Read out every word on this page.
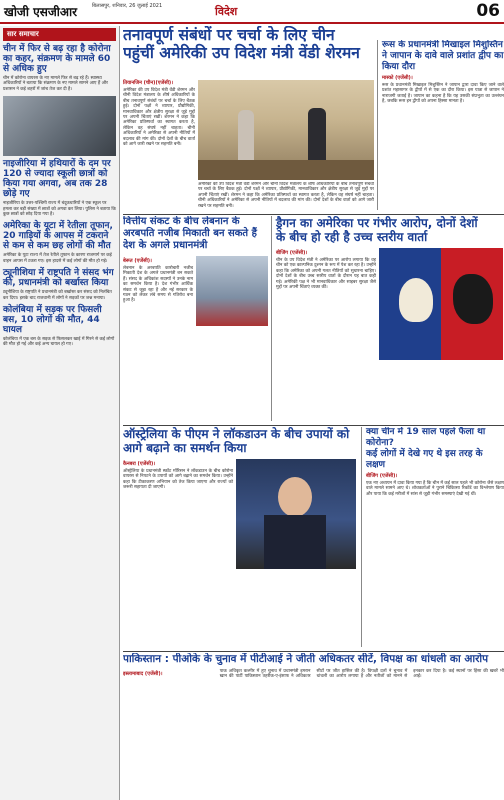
खोजी एसजीआर	बिलासपुर, शनिवार, 26 जुलाई 2021	विदेश	06
सार समाचार
चीन में फिर से बढ़ रहा है कोरोना का कहर, संक्रमण के मामले 60 से अधिक हुए

चीन में कोरोना वायरस के नए मामले फिर से बढ़ रहे हैं। स्वास्थ्य अधिकारियों ने बताया कि संक्रमण के नए मामले सामने आए हैं और प्रशासन ने कई शहरों में जांच तेज कर दी है।

नाइजीरिया में हथियारों के दम पर 120 से ज्यादा स्कूली छात्रों को किया गया अगवा, अब तक 28 छोड़े गए

नाइजीरिया के उत्तर-पश्चिमी राज्य में बंदूकधारियों ने एक स्कूल पर हमला कर बड़ी संख्या में छात्रों को अगवा कर लिया। पुलिस ने बताया कि कुछ छात्रों को छोड़ दिया गया है।

अमेरिका के यूटा में रेतीला तूफान, 20 गाड़ियों के आपस में टकराने से कम से कम छह लोगों की मौत

अमेरिका के यूटा राज्य में तेज रेतीले तूफान के कारण राजमार्ग पर कई वाहन आपस में टकरा गए। इस हादसे में कई लोगों की मौत हो गई।

ट्यूनीशिया में राष्ट्रपति ने संसद भंग की, प्रधानमंत्री को बर्खास्त किया

ट्यूनीशिया के राष्ट्रपति ने प्रधानमंत्री को बर्खास्त कर संसद को निलंबित कर दिया। इसके बाद राजधानी में लोगों ने सड़कों पर जश्न मनाया।

कोलंबिया में सड़क पर फिसली बस, 10 लोगों की मौत, 44 घायल

कोलंबिया में एक बस के सड़क से फिसलकर खाई में गिरने से कई लोगों की मौत हो गई और कई अन्य घायल हो गए।

तनावपूर्ण संबंधों पर चर्चा के लिए चीन
पहुंचीं अमेरिकी उप विदेश मंत्री वेंडी शेरमन
तियानजिन (चीन)(एजेंसी)।
अमेरिका की उप विदेश मंत्री वेंडी शेरमन और चीनी विदेश मंत्रालय के शीर्ष अधिकारियों के बीच तनावपूर्ण संबंधों पर चर्चा के लिए बैठक हुई। दोनों पक्षों ने व्यापार, प्रौद्योगिकी, मानवाधिकार और क्षेत्रीय सुरक्षा से जुड़े मुद्दों पर अपनी चिंताएं रखीं। शेरमन ने कहा कि अमेरिका प्रतिस्पर्धा का स्वागत करता है, लेकिन वह संघर्ष नहीं चाहता। चीनी अधिकारियों ने अमेरिका से अपनी नीतियों में बदलाव की मांग की। दोनों देशों के बीच वार्ता को आगे जारी रखने पर सहमति बनी।
अमेरिका की उप विदेश मंत्री वेंडी शेरमन और चीनी विदेश मंत्रालय के शीर्ष अधिकारियों के बीच तनावपूर्ण संबंधों पर चर्चा के लिए बैठक हुई। दोनों पक्षों ने व्यापार, प्रौद्योगिकी, मानवाधिकार और क्षेत्रीय सुरक्षा से जुड़े मुद्दों पर अपनी चिंताएं रखीं। शेरमन ने कहा कि अमेरिका प्रतिस्पर्धा का स्वागत करता है, लेकिन वह संघर्ष नहीं चाहता। चीनी अधिकारियों ने अमेरिका से अपनी नीतियों में बदलाव की मांग की। दोनों देशों के बीच वार्ता को आगे जारी रखने पर सहमति बनी।
रूस के प्रधानमंत्री मिखाइल मिशुस्तिन ने जापान के दावे वाले प्रशांत द्वीप का किया दौरा
मास्को (एजेंसी)।
रूस के प्रधानमंत्री मिखाइल मिशुस्तिन ने जापान द्वारा दावा किए जाने वाले प्रशांत महासागर के द्वीपों में से एक का दौरा किया। इस यात्रा से जापान ने नाराजगी जताई है। जापान का कहना है कि यह उसकी संप्रभुता का उल्लंघन है, जबकि रूस इन द्वीपों को अपना हिस्सा मानता है।
वित्तीय संकट के बीच लेबनान के अरबपति नजीब मिकाती बन सकते हैं देश के अगले प्रधानमंत्री
बेरूत (एजेंसी)।
लेबनान के अरबपति कारोबारी नजीब मिकाती देश के अगले प्रधानमंत्री बन सकते हैं। संसद के अधिकांश सदस्यों ने उनके नाम का समर्थन किया है। देश गंभीर आर्थिक संकट से जूझ रहा है और नई सरकार के गठन को लेकर लंबे समय से गतिरोध बना हुआ है।
ड्रैगन का अमेरिका पर गंभीर आरोप, दोनों देशों
के बीच हो रही है उच्च स्तरीय वार्ता
बीजिंग (एजेंसी)।
चीन के उप विदेश मंत्री ने अमेरिका पर आरोप लगाया कि वह चीन को एक काल्पनिक दुश्मन के रूप में पेश कर रहा है। उन्होंने कहा कि अमेरिका को अपनी गलत नीतियों को सुधारना चाहिए। दोनों देशों के बीच उच्च स्तरीय वार्ता के दौरान यह बात कही गई। अमेरिकी पक्ष ने भी मानवाधिकार और साइबर सुरक्षा जैसे मुद्दों पर अपनी चिंताएं व्यक्त कीं।
ऑस्ट्रेलिया के पीएम ने लॉकडाउन के बीच उपायों को आगे बढ़ाने का समर्थन किया
कैनबरा (एजेंसी)।
ऑस्ट्रेलिया के प्रधानमंत्री स्कॉट मॉरिसन ने लॉकडाउन के बीच कोरोना वायरस से निपटने के उपायों को आगे बढ़ाने का समर्थन किया। उन्होंने कहा कि टीकाकरण अभियान को तेज किया जाएगा और राज्यों को जरूरी सहायता दी जाएगी।
क्या चीन में 19 साल पहले फैला था कोरोना?
कई लोगों में देखे गए थे इस तरह के लक्षण
बीजिंग (एजेंसी)।
एक नए अध्ययन में दावा किया गया है कि चीन में कई साल पहले भी कोरोना जैसे लक्षण वाले मामले सामने आए थे। शोधकर्ताओं ने पुराने चिकित्सा रिकॉर्ड का विश्लेषण किया और पाया कि कई मरीजों में सांस से जुड़ी गंभीर समस्याएं देखी गई थीं।
पाकिस्तान : पीओके के चुनाव में पीटीआई ने जीती अधिकतर सीटें, विपक्ष का धांधली का आरोप
इस्लामाबाद (एजेंसी)।	पाक अधिकृत कश्मीर में हुए चुनाव में प्रधानमंत्री इमरान खान की पार्टी पाकिस्तान तहरीक-ए-इंसाफ ने अधिकतर सीटों पर जीत हासिल की है। विपक्षी दलों ने चुनाव में धांधली का आरोप लगाया है और नतीजों को मानने से इनकार कर दिया है। कई स्थानों पर हिंसा की खबरें भी आईं।
